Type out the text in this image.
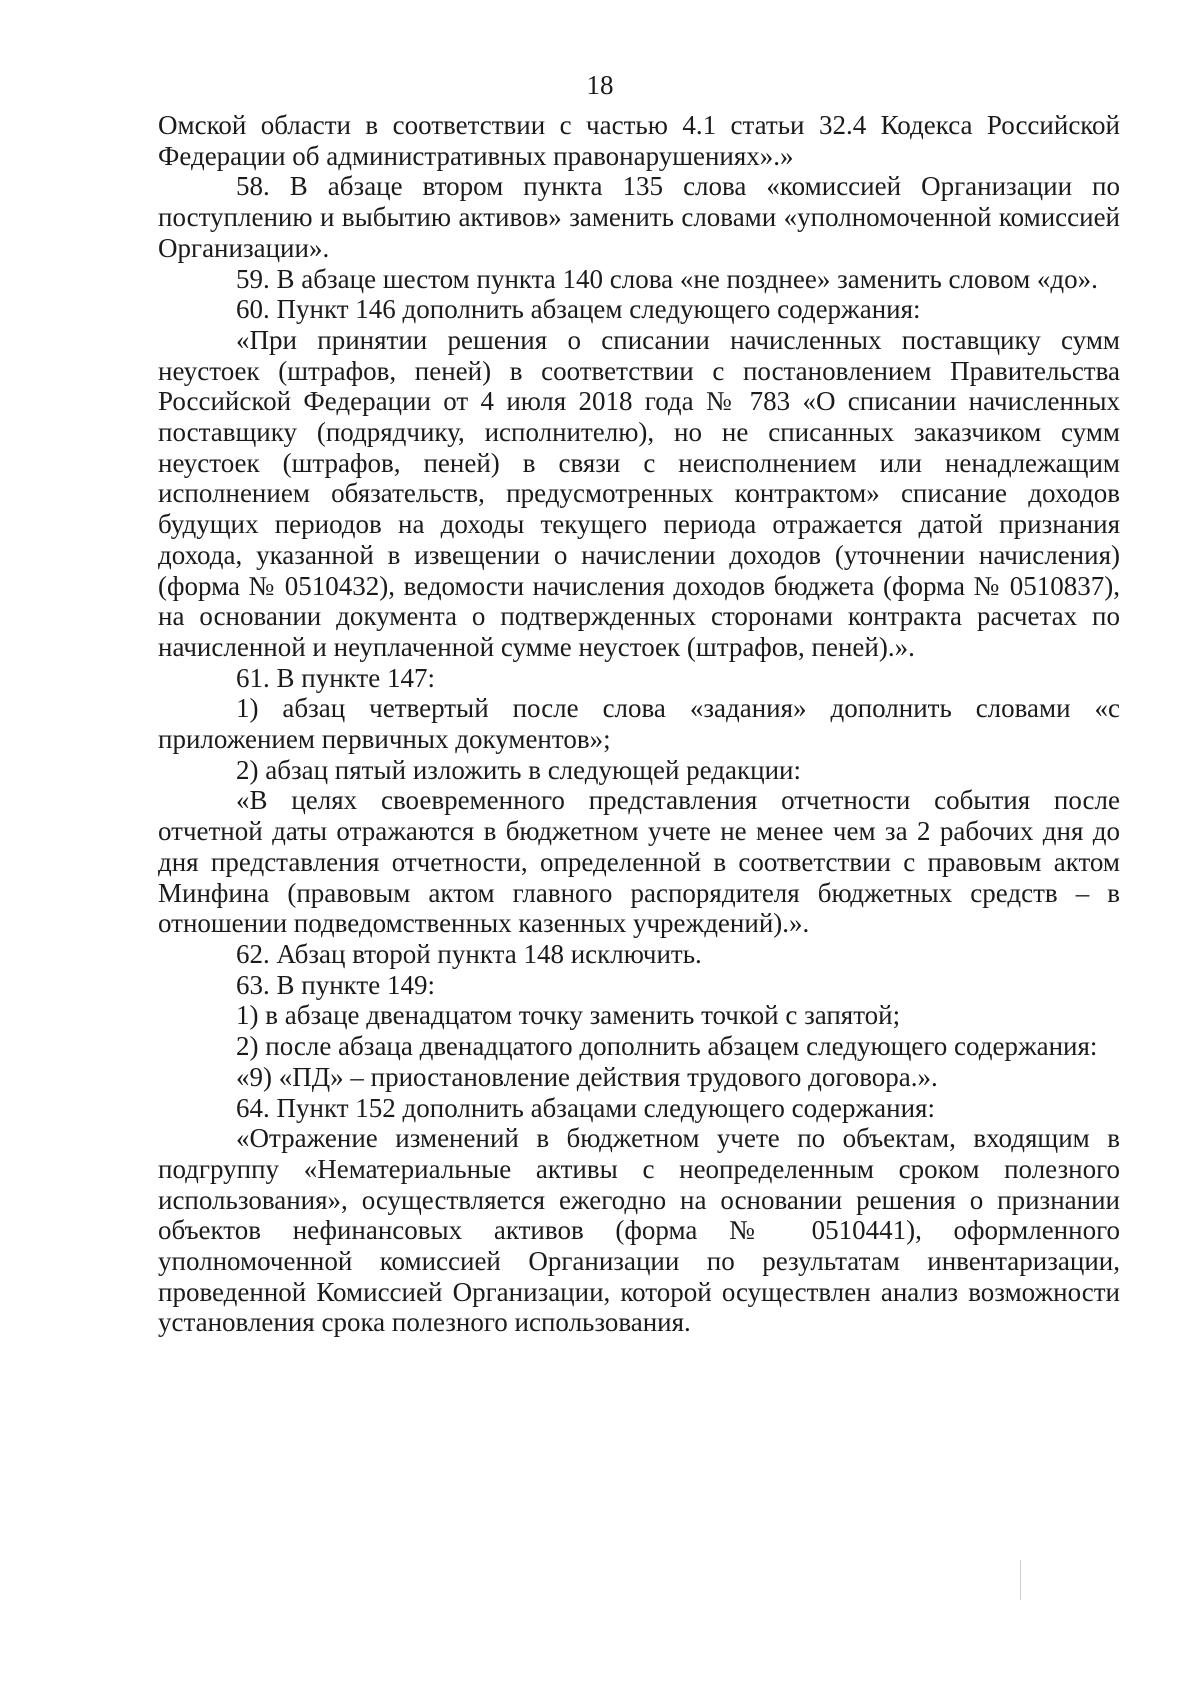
18

Омской области в соответствии с частью 4.1 статьи 32.4 Кодекса Российской Федерации об административных правонарушениях».»

58. В абзаце втором пункта 135 слова «комиссией Организации по поступлению и выбытию активов» заменить словами «уполномоченной комиссией Организации».

59. В абзаце шестом пункта 140 слова «не позднее» заменить словом «до».

60. Пункт 146 дополнить абзацем следующего содержания:

«При принятии решения о списании начисленных поставщику сумм неустоек (штрафов, пеней) в соответствии с постановлением Правительства Российской Федерации от 4 июля 2018 года № 783 «О списании начисленных поставщику (подрядчику, исполнителю), но не списанных заказчиком сумм неустоек (штрафов, пеней) в связи с неисполнением или ненадлежащим исполнением обязательств, предусмотренных контрактом» списание доходов будущих периодов на доходы текущего периода отражается датой признания дохода, указанной в извещении о начислении доходов (уточнении начисления) (форма № 0510432), ведомости начисления доходов бюджета (форма № 0510837), на основании документа о подтвержденных сторонами контракта расчетах по начисленной и неуплаченной сумме неустоек (штрафов, пеней).».

61. В пункте 147:

1) абзац четвертый после слова «задания» дополнить словами «с приложением первичных документов»;

2) абзац пятый изложить в следующей редакции:

«В целях своевременного представления отчетности события после отчетной даты отражаются в бюджетном учете не менее чем за 2 рабочих дня до дня представления отчетности, определенной в соответствии с правовым актом Минфина (правовым актом главного распорядителя бюджетных средств – в отношении подведомственных казенных учреждений).».

62. Абзац второй пункта 148 исключить.

63. В пункте 149:

1) в абзаце двенадцатом точку заменить точкой с запятой;

2) после абзаца двенадцатого дополнить абзацем следующего содержания:

«9) «ПД» – приостановление действия трудового договора.».

64. Пункт 152 дополнить абзацами следующего содержания:

«Отражение изменений в бюджетном учете по объектам, входящим в подгруппу «Нематериальные активы с неопределенным сроком полезного использования», осуществляется ежегодно на основании решения о признании объектов нефинансовых активов (форма № 0510441), оформленного уполномоченной комиссией Организации по результатам инвентаризации, проведенной Комиссией Организации, которой осуществлен анализ возможности установления срока полезного использования.
